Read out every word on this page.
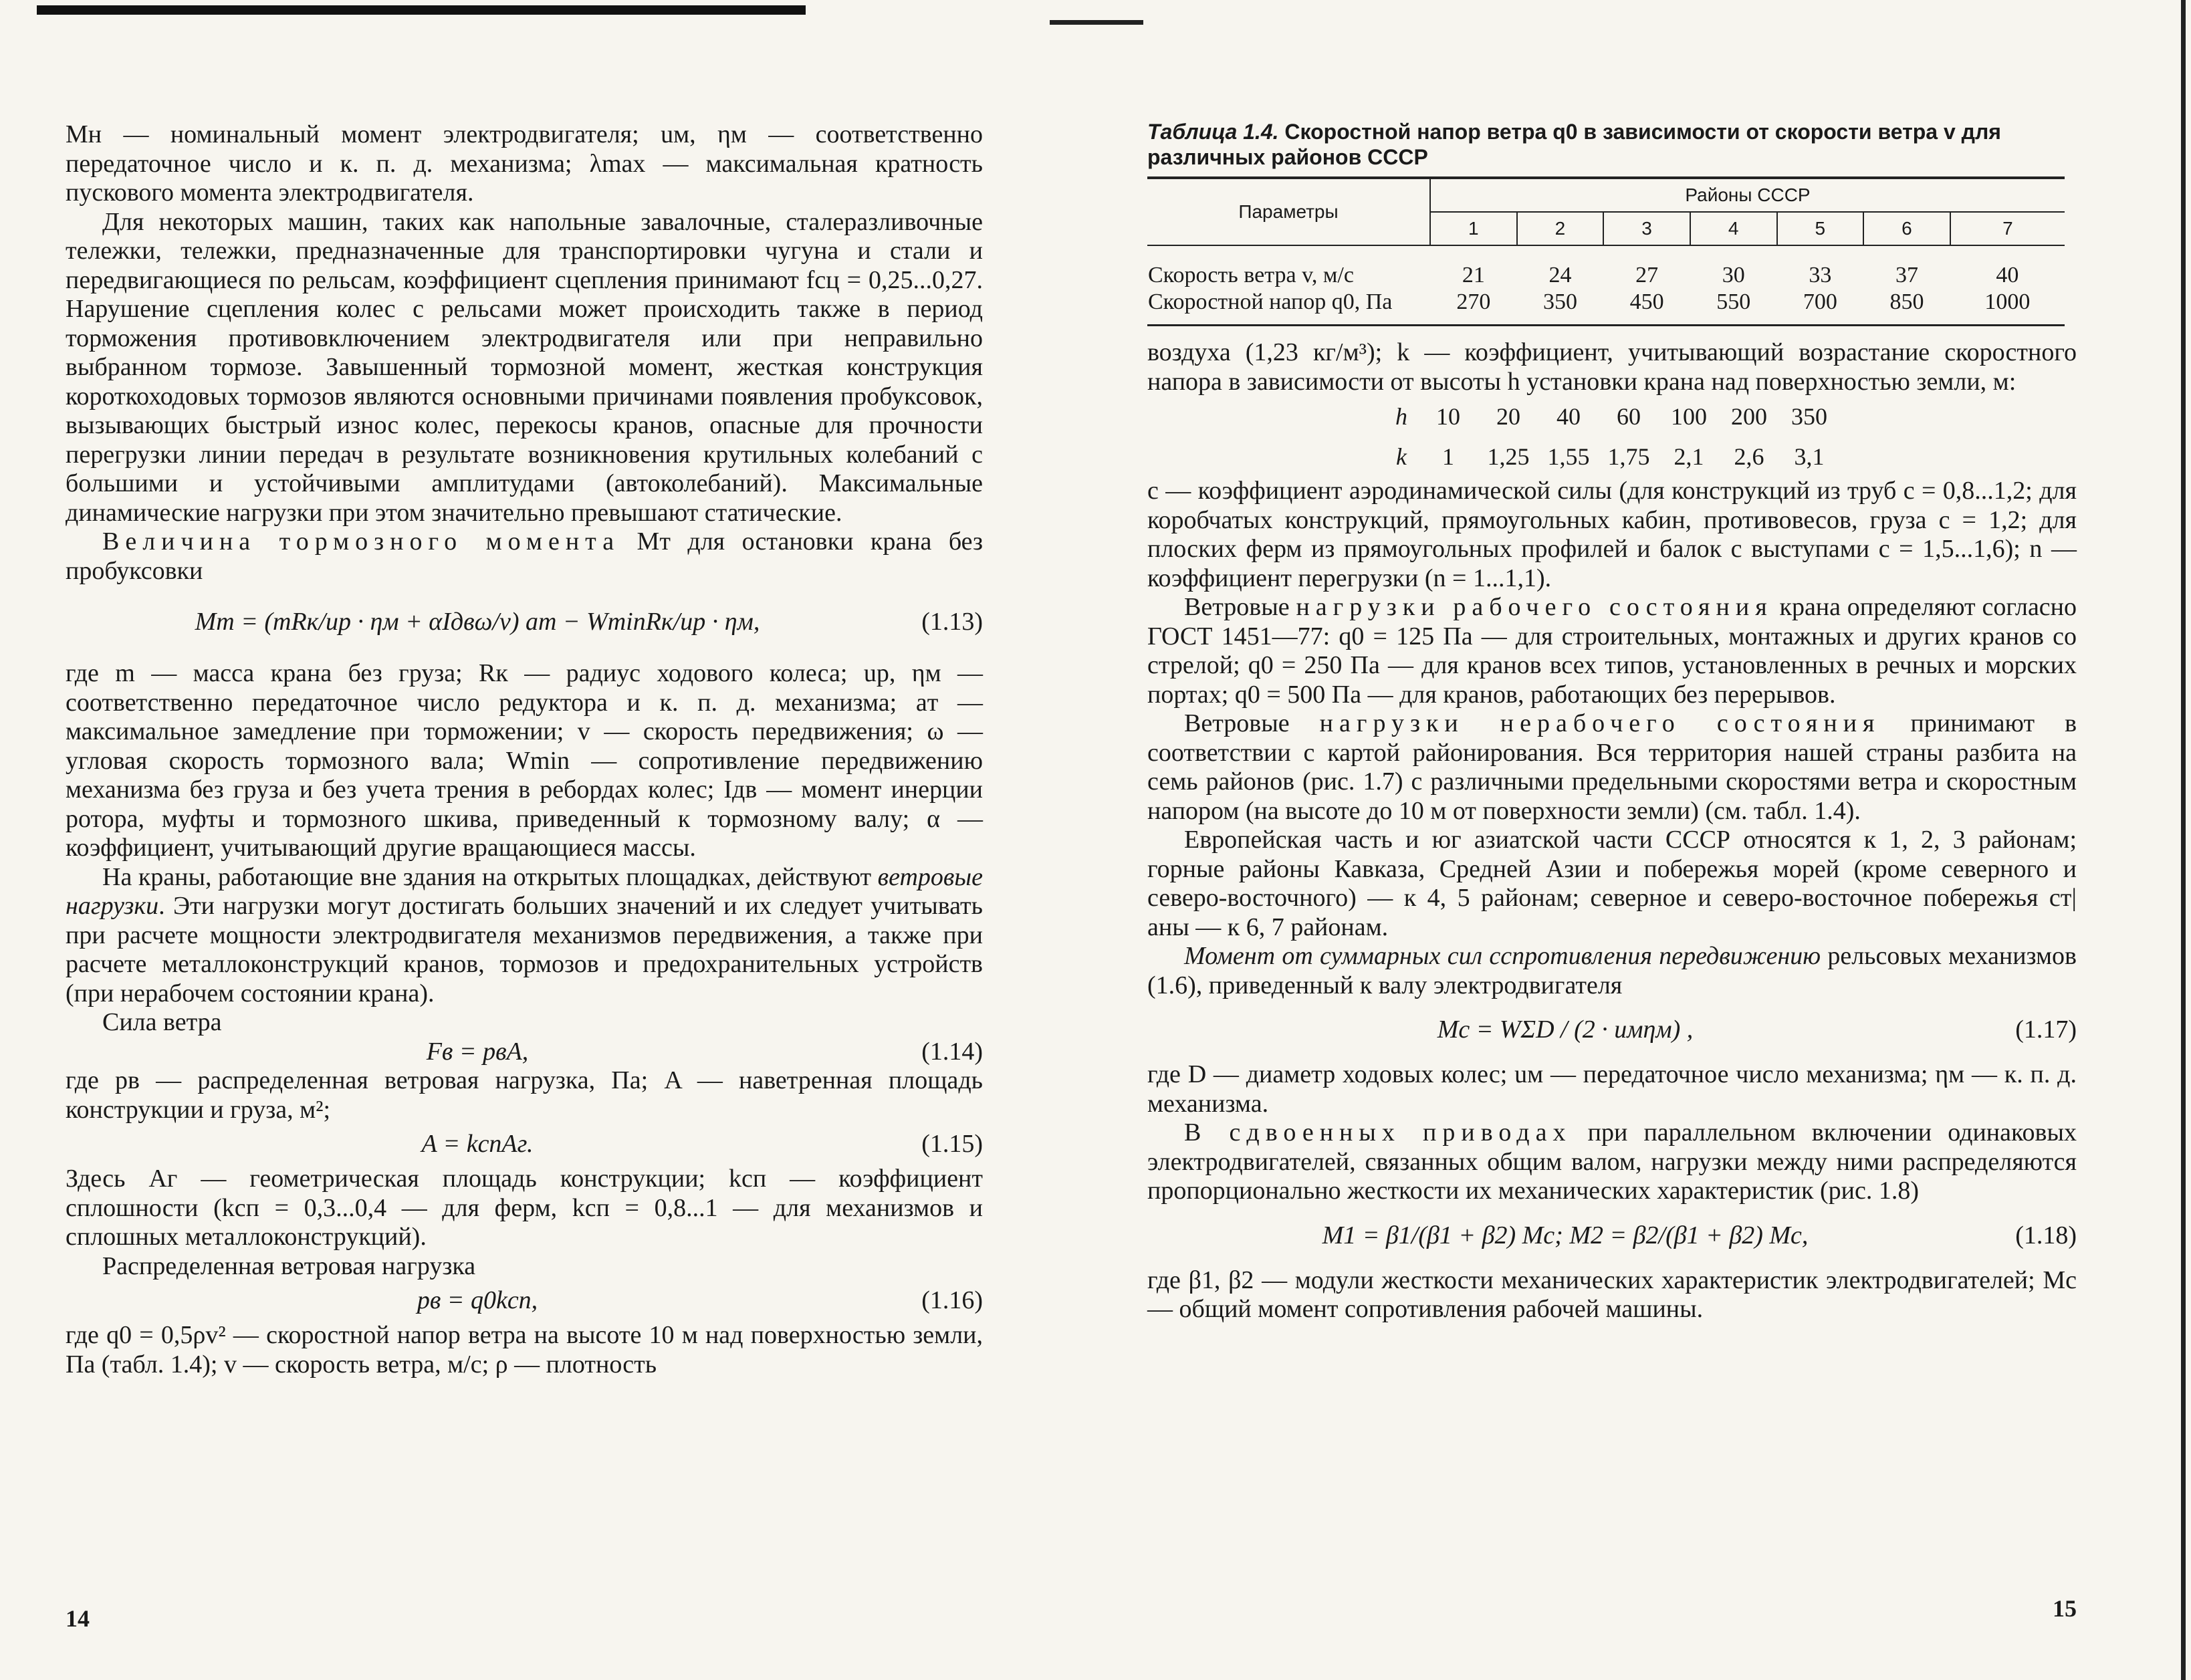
Mн — номинальный момент электродвигателя; uм, ηм — соответственно передаточное число и к. п. д. механизма; λmax — максимальная кратность пускового момента электродвигателя.

Для некоторых машин, таких как напольные завалочные, сталеразливочные тележки, тележки, предназначенные для транспортировки чугуна и стали и передвигающиеся по рельсам, коэффициент сцепления принимают fсц = 0,25...0,27. Нарушение сцепления колес с рельсами может происходить также в период торможения противовключением электродвигателя или при неправильно выбранном тормозе. Завышенный тормозной момент, жесткая конструкция короткоходовых тормозов являются основными причинами появления пробуксовок, вызывающих быстрый износ колес, перекосы кранов, опасные для прочности перегрузки линии передач в результате возникновения крутильных колебаний с большими и устойчивыми амплитудами (автоколебаний). Максимальные динамические нагрузки при этом значительно превышают статические.

Величина тормозного момента Mт для остановки крана без пробуксовки

Mт = (mRк/uр · ηм + αIдвω/v) aт − WminRк/uр · ηм,	(1.13)

где m — масса крана без груза; Rк — радиус ходового колеса; uр, ηм — соответственно передаточное число редуктора и к. п. д. механизма; aт — максимальное замедление при торможении; v — скорость передвижения; ω — угловая скорость тормозного вала; Wmin — сопротивление передвижению механизма без груза и без учета трения в ребордах колес; Iдв — момент инерции ротора, муфты и тормозного шкива, приведенный к тормозному валу; α — коэффициент, учитывающий другие вращающиеся массы.

На краны, работающие вне здания на открытых площадках, действуют ветровые нагрузки. Эти нагрузки могут достигать больших значений и их следует учитывать при расчете мощности электродвигателя механизмов передвижения, а также при расчете металлоконструкций кранов, тормозов и предохранительных устройств (при нерабочем состоянии крана).

Сила ветра

Fв = pвA,	(1.14)

где pв — распределенная ветровая нагрузка, Па; A — наветренная площадь конструкции и груза, м²;

A = kспAг.	(1.15)

Здесь Aг — геометрическая площадь конструкции; kсп — коэффициент сплошности (kсп = 0,3...0,4 — для ферм, kсп = 0,8...1 — для механизмов и сплошных металлоконструкций).

Распределенная ветровая нагрузка

pв = q0kcn,	(1.16)

где q0 = 0,5ρv² — скоростной напор ветра на высоте 10 м над поверхностью земли, Па (табл. 1.4); v — скорость ветра, м/с; ρ — плотность

14
Таблица 1.4. Скоростной напор ветра q0 в зависимости от скорости ветра v для различных районов СССР
Параметры	Районы СССР						
	1	2	3	4	5	6	7

Скорость ветра v, м/с	21	24	27	30	33	37	40
Скоростной напор q0, Па	270	350	450	550	700	850	1000

воздуха (1,23 кг/м³); k — коэффициент, учитывающий возрастание скоростного напора в зависимости от высоты h установки крана над поверхностью земли, м:

h 10 20 40 60 100 200 350
k 1 1,25 1,55 1,75 2,1 2,6 3,1

c — коэффициент аэродинамической силы (для конструкций из труб c = 0,8...1,2; для коробчатых конструкций, прямоугольных кабин, противовесов, груза c = 1,2; для плоских ферм из прямоугольных профилей и балок с выступами c = 1,5...1,6); n — коэффициент перегрузки (n = 1...1,1).

Ветровые нагрузки рабочего состояния крана определяют согласно ГОСТ 1451—77: q0 = 125 Па — для строительных, монтажных и других кранов со стрелой; q0 = 250 Па — для кранов всех типов, установленных в речных и морских портах; q0 = 500 Па — для кранов, работающих без перерывов.

Ветровые нагрузки нерабочего состояния принимают в соответствии с картой районирования. Вся территория нашей страны разбита на семь районов (рис. 1.7) с различными предельными скоростями ветра и скоростным напором (на высоте до 10 м от поверхности земли) (см. табл. 1.4).

Европейская часть и юг азиатской части СССР относятся к 1, 2, 3 районам; горные районы Кавказа, Средней Азии и побережья морей (кроме северного и северо-восточного) — к 4, 5 районам; северное и северо-восточное побережья ст| аны — к 6, 7 районам.

Момент от суммарных сил сспротивления передвижению рельсовых механизмов (1.6), приведенный к валу электродвигателя

Mс = WΣD / (2 · uмηм) ,	(1.17)

где D — диаметр ходовых колес; uм — передаточное число механизма; ηм — к. п. д. механизма.

В сдвоенных приводах при параллельном включении одинаковых электродвигателей, связанных общим валом, нагрузки между ними распределяются пропорционально жесткости их механических характеристик (рис. 1.8)

M1 = β1/(β1 + β2) Mс; M2 = β2/(β1 + β2) Mс,	(1.18)

где β1, β2 — модули жесткости механических характеристик электродвигателей; Mс — общий момент сопротивления рабочей машины.

15
